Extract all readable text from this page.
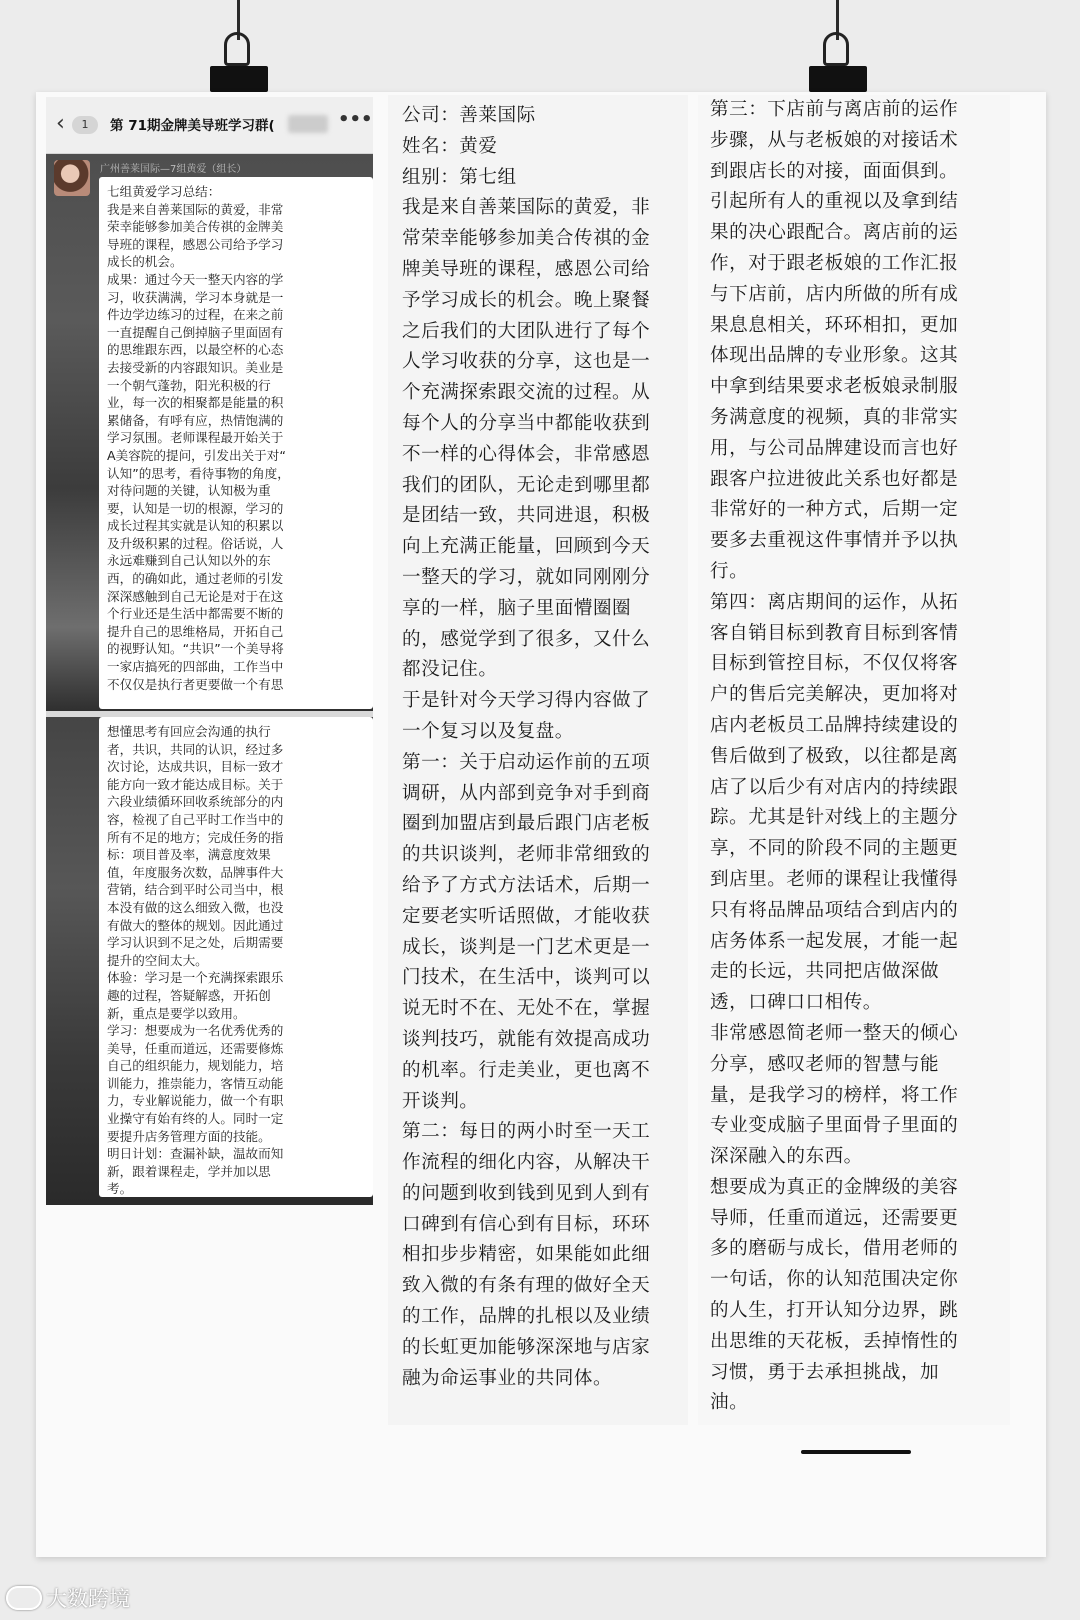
‹	1	第 71期金牌美导班学习群(	•••
广州善莱国际—7组黄爱（组长）
七组黄爱学习总结：
我是来自善莱国际的黄爱，非常
荣幸能够参加美合传祺的金牌美
导班的课程，感恩公司给予学习
成长的机会。
成果：通过今天一整天内容的学
习，收获满满，学习本身就是一
件边学边练习的过程，在来之前
一直提醒自己倒掉脑子里面固有
的思维跟东西，以最空杯的心态
去接受新的内容跟知识。美业是
一个朝气蓬勃，阳光积极的行
业，每一次的相聚都是能量的积
累储备，有呼有应，热情饱满的
学习氛围。老师课程最开始关于
A美容院的提问，引发出关于对“
认知”的思考，看待事物的角度，
对待问题的关键，认知极为重
要，认知是一切的根源，学习的
成长过程其实就是认知的积累以
及升级积累的过程。俗话说，人
永远难赚到自己认知以外的东
西，的确如此，通过老师的引发
深深感触到自己无论是对于在这
个行业还是生活中都需要不断的
提升自己的思维格局，开拓自己
的视野认知。“共识”一个美导将
一家店搞死的四部曲，工作当中
不仅仅是执行者更要做一个有思
想懂思考有回应会沟通的执行
者，共识，共同的认识，经过多
次讨论，达成共识，目标一致才
能方向一致才能达成目标。关于
六段业绩循环回收系统部分的内
容，检视了自己平时工作当中的
所有不足的地方；完成任务的指
标：项目普及率，满意度效果
值，年度服务次数，品牌事件大
营销，结合到平时公司当中，根
本没有做的这么细致入微，也没
有做大的整体的规划。因此通过
学习认识到不足之处，后期需要
提升的空间太大。
体验：学习是一个充满探索跟乐
趣的过程，答疑解惑，开拓创
新，重点是要学以致用。
学习：想要成为一名优秀优秀的
美导，任重而道远，还需要修炼
自己的组织能力，规划能力，培
训能力，推崇能力，客情互动能
力，专业解说能力，做一个有职
业操守有始有终的人。同时一定
要提升店务管理方面的技能。
明日计划：查漏补缺，温故而知
新，跟着课程走，学并加以思
考。
公司：善莱国际
姓名：黄爱
组别：第七组
我是来自善莱国际的黄爱，非
常荣幸能够参加美合传祺的金
牌美导班的课程，感恩公司给
予学习成长的机会。晚上聚餐
之后我们的大团队进行了每个
人学习收获的分享，这也是一
个充满探索跟交流的过程。从
每个人的分享当中都能收获到
不一样的心得体会，非常感恩
我们的团队，无论走到哪里都
是团结一致，共同进退，积极
向上充满正能量，回顾到今天
一整天的学习，就如同刚刚分
享的一样，脑子里面懵圈圈
的，感觉学到了很多，又什么
都没记住。
于是针对今天学习得内容做了
一个复习以及复盘。
第一：关于启动运作前的五项
调研，从内部到竞争对手到商
圈到加盟店到最后跟门店老板
的共识谈判，老师非常细致的
给予了方式方法话术，后期一
定要老实听话照做，才能收获
成长，谈判是一门艺术更是一
门技术，在生活中，谈判可以
说无时不在、无处不在，掌握
谈判技巧，就能有效提高成功
的机率。行走美业，更也离不
开谈判。
第二：每日的两小时至一天工
作流程的细化内容，从解决干
的问题到收到钱到见到人到有
口碑到有信心到有目标，环环
相扣步步精密，如果能如此细
致入微的有条有理的做好全天
的工作，品牌的扎根以及业绩
的长虹更加能够深深地与店家
融为命运事业的共同体。
第三：下店前与离店前的运作
步骤，从与老板娘的对接话术
到跟店长的对接，面面俱到。
引起所有人的重视以及拿到结
果的决心跟配合。离店前的运
作，对于跟老板娘的工作汇报
与下店前，店内所做的所有成
果息息相关，环环相扣，更加
体现出品牌的专业形象。这其
中拿到结果要求老板娘录制服
务满意度的视频，真的非常实
用，与公司品牌建设而言也好
跟客户拉进彼此关系也好都是
非常好的一种方式，后期一定
要多去重视这件事情并予以执
行。
第四：离店期间的运作，从拓
客自销目标到教育目标到客情
目标到管控目标，不仅仅将客
户的售后完美解决，更加将对
店内老板员工品牌持续建设的
售后做到了极致，以往都是离
店了以后少有对店内的持续跟
踪。尤其是针对线上的主题分
享，不同的阶段不同的主题更
到店里。老师的课程让我懂得
只有将品牌品项结合到店内的
店务体系一起发展，才能一起
走的长远，共同把店做深做
透，口碑口口相传。
非常感恩简老师一整天的倾心
分享，感叹老师的智慧与能
量，是我学习的榜样，将工作
专业变成脑子里面骨子里面的
深深融入的东西。
想要成为真正的金牌级的美容
导师，任重而道远，还需要更
多的磨砺与成长，借用老师的
一句话，你的认知范围决定你
的人生，打开认知分边界，跳
出思维的天花板，丢掉惰性的
习惯，勇于去承担挑战，加
油。
大数跨境
